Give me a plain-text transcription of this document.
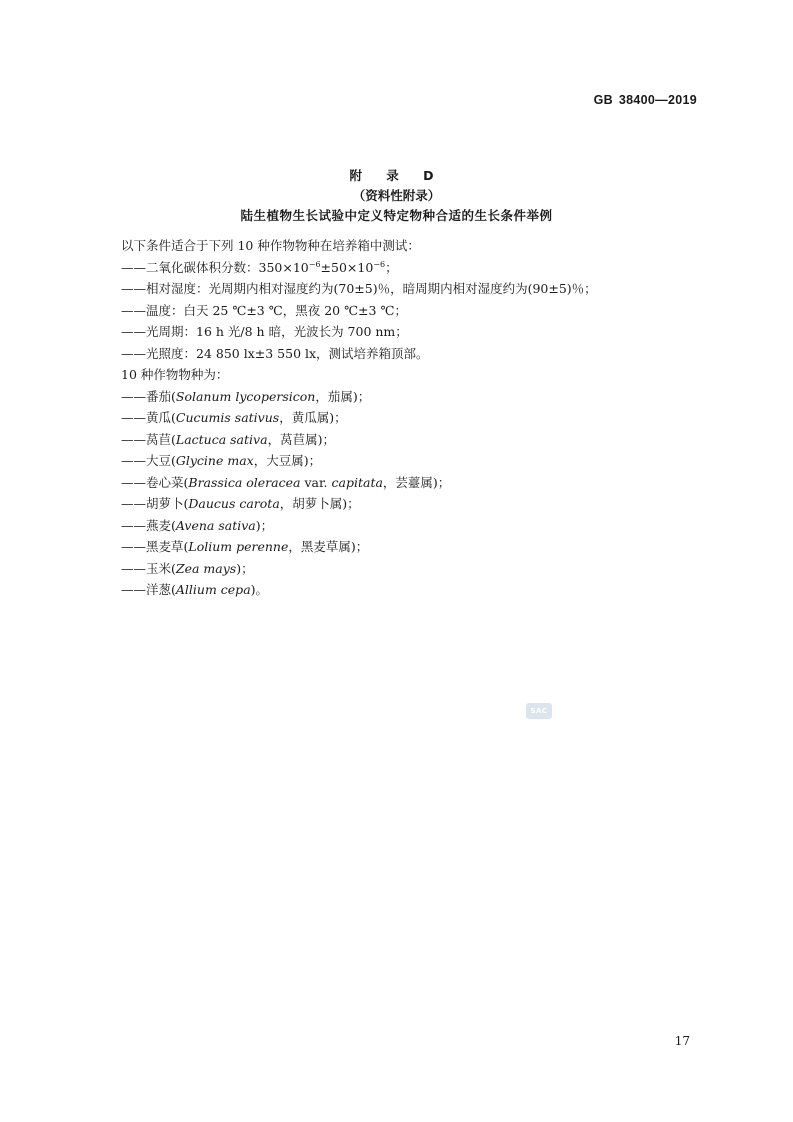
GB 38400—2019
附 录 D
（资料性附录）
陆生植物生长试验中定义特定物种合适的生长条件举例
以下条件适合于下列 10 种作物物种在培养箱中测试：
——二氧化碳体积分数：$350\times 10^{-6}\pm 50\times 10^{-6}$；
——相对湿度：光周期内相对湿度约为(70±5)％，暗周期内相对湿度约为(90±5)％；
——温度：白天 25 ℃±3 ℃，黑夜 20 ℃±3 ℃；
——光周期：16 h 光/8 h 暗，光波长为 700 nm；
——光照度：24 850 lx±3 550 lx，测试培养箱顶部。
10 种作物物种为：
——番茄(Solanum lycopersicon，茄属)；
——黄瓜(Cucumis sativus，黄瓜属)；
——莴苣(Lactuca sativa，莴苣属)；
——大豆(Glycine max，大豆属)；
——卷心菜(Brassica oleracea var. capitata，芸薹属)；
——胡萝卜(Daucus carota，胡萝卜属)；
——燕麦(Avena sativa)；
——黑麦草(Lolium perenne，黑麦草属)；
——玉米(Zea mays)；
——洋葱(Allium cepa)。
SAC
17
